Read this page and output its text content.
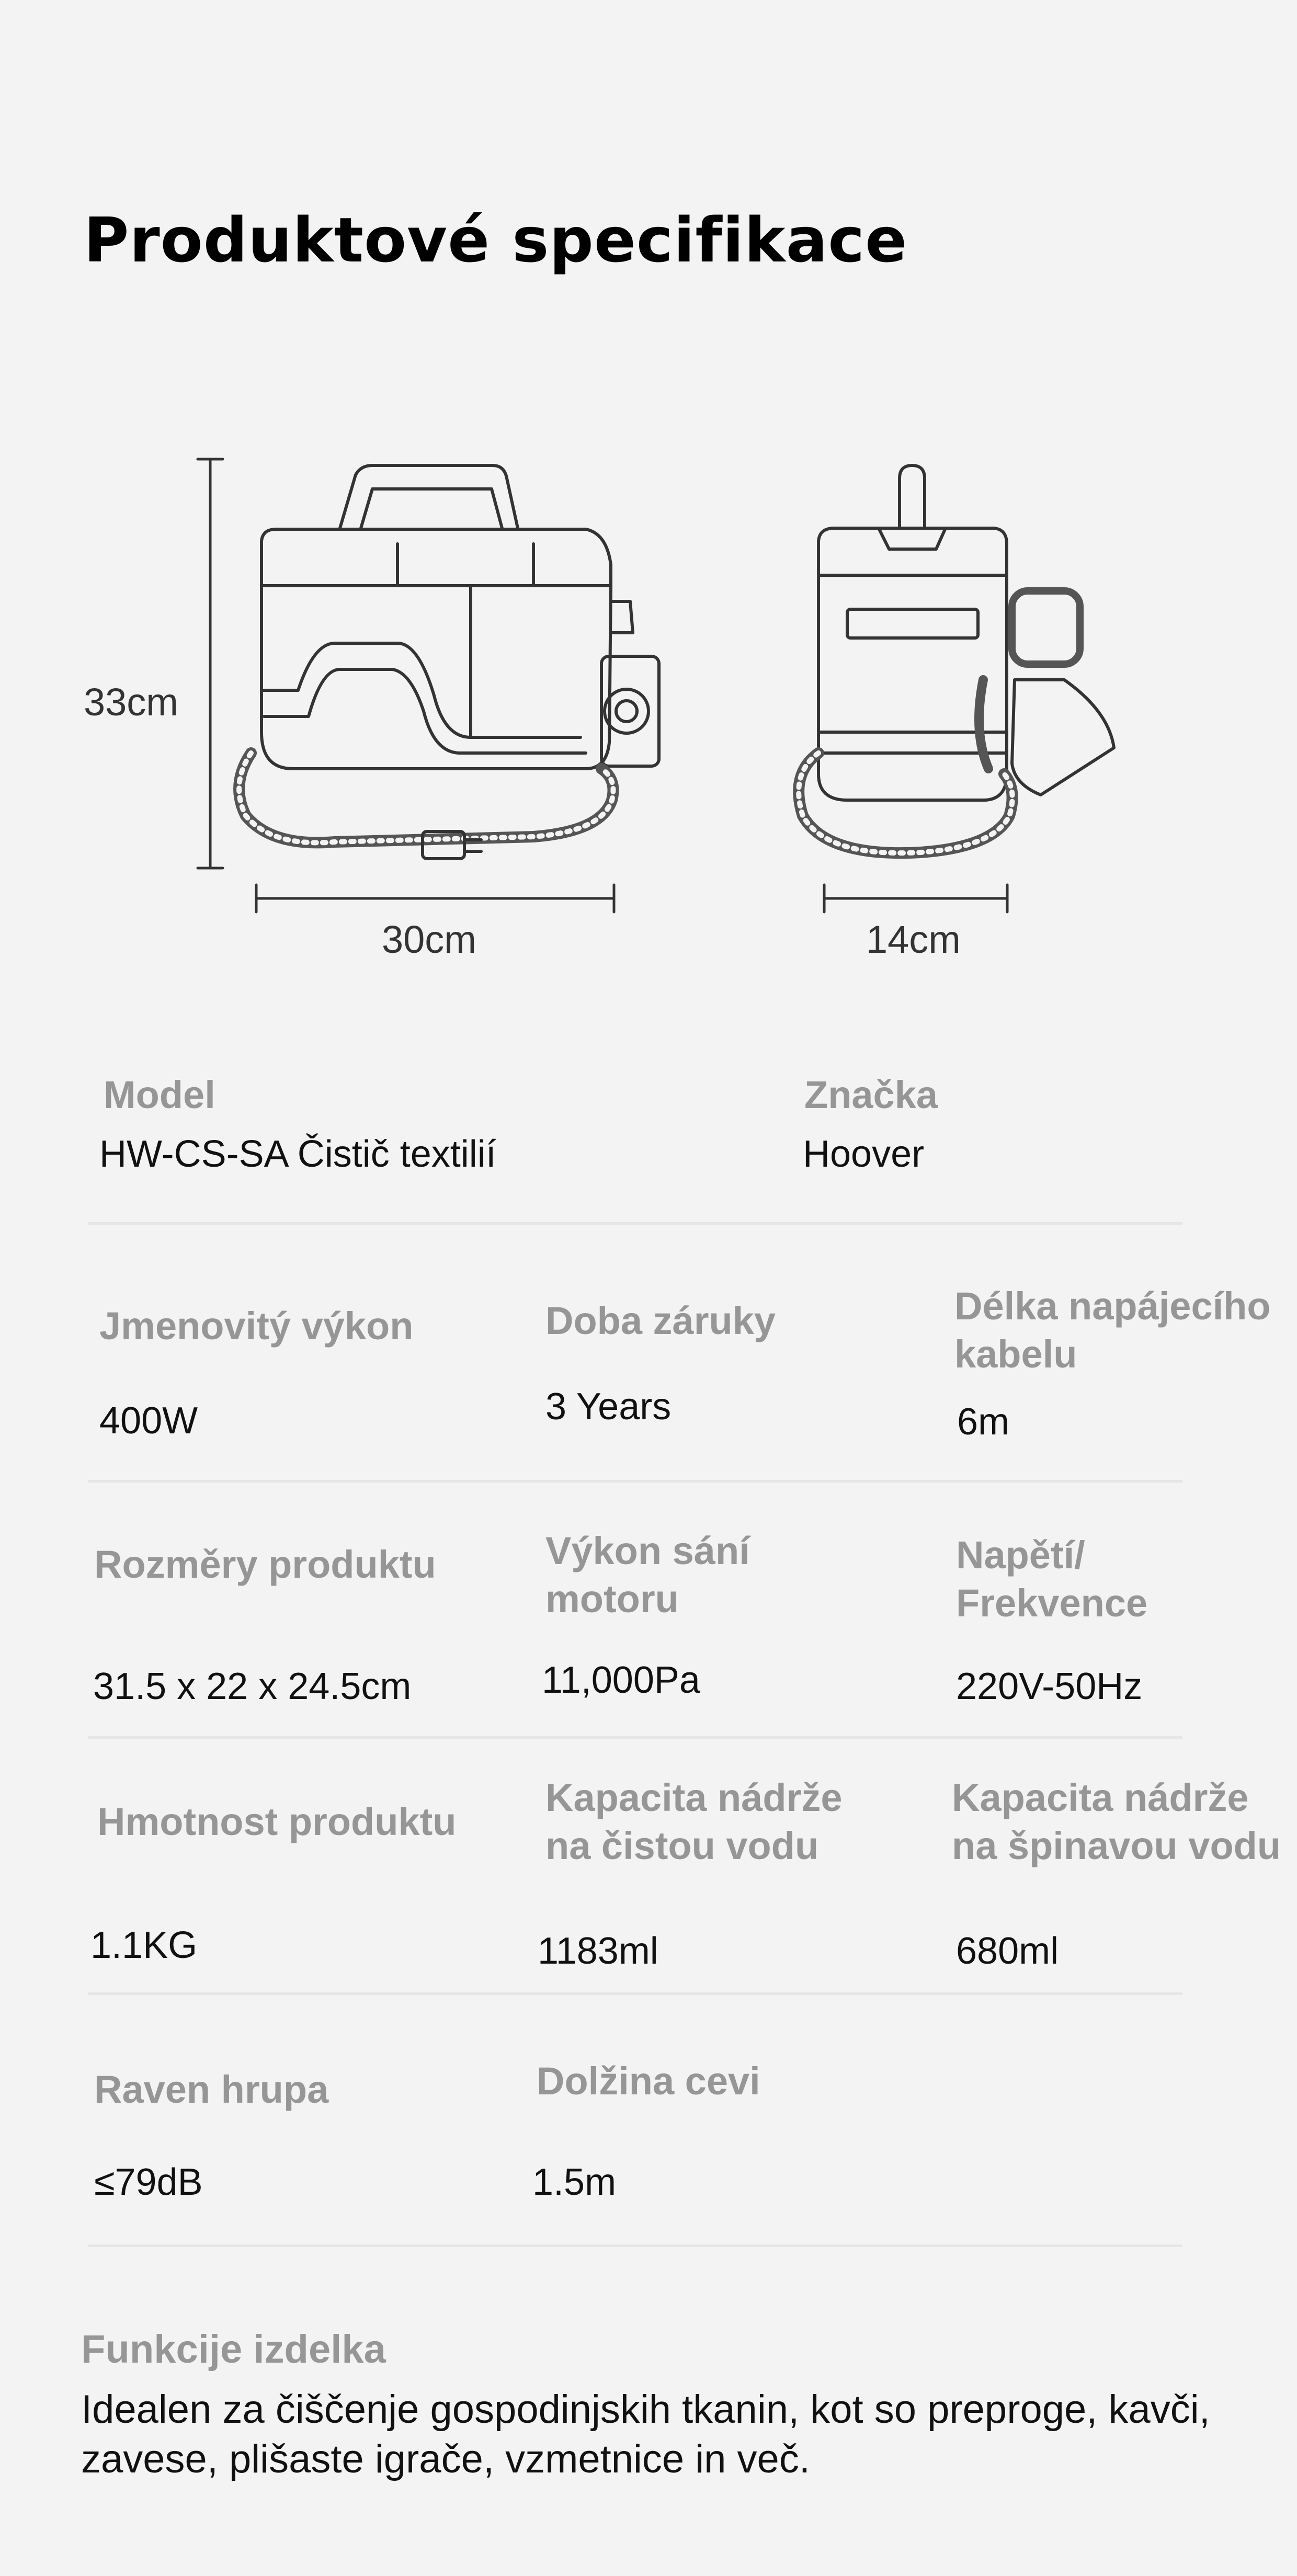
Produktové specifikace
33cm
30cm	14cm
Model
HW-CS-SA Čistič textilií
Značka
Hoover
Jmenovitý výkon
400W
Doba záruky
3 Years
Délka napájecího kabelu
6m
Rozměry produktu
31.5 x 22 x 24.5cm
Výkon sání motoru
11,000Pa
Napětí/ Frekvence
220V-50Hz
Hmotnost produktu
1.1KG
Kapacita nádrže na čistou vodu
1183ml
Kapacita nádrže na špinavou vodu
680ml
Raven hrupa
≤79dB
Dolžina cevi
1.5m
Funkcije izdelka
Idealen za čiščenje gospodinjskih tkanin, kot so preproge, kavči, zavese, plišaste igrače, vzmetnice in več.
